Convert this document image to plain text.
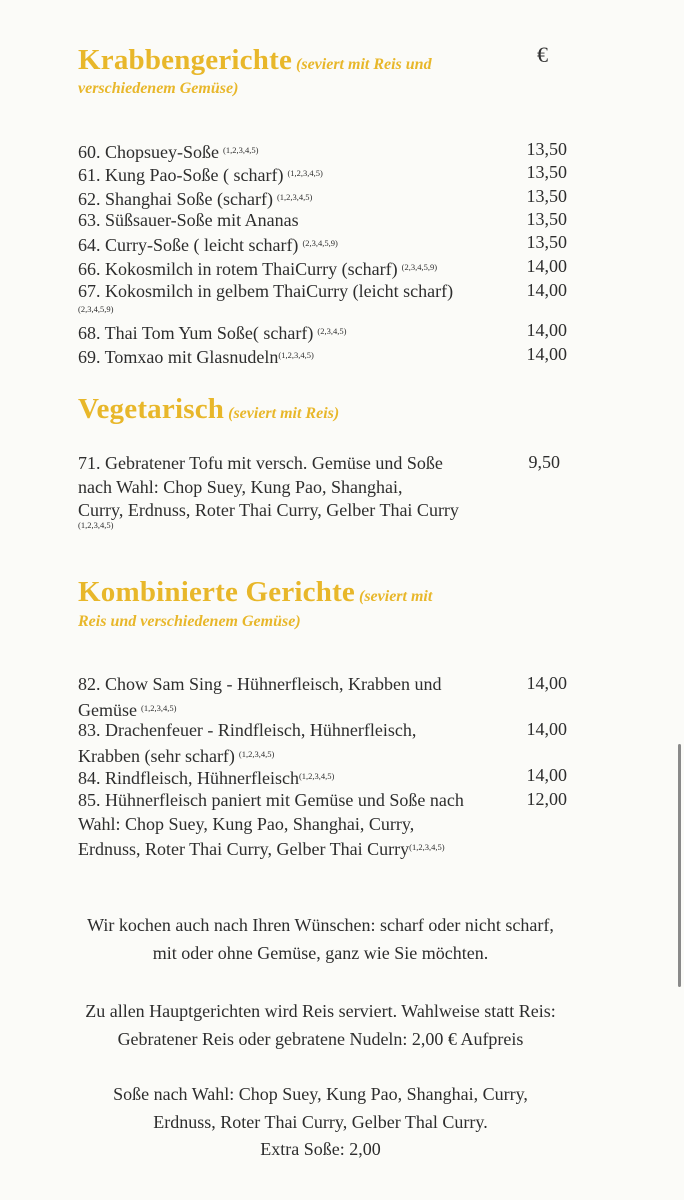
Krabbengerichte (seviert mit Reis und
verschiedenem Gemüse)
€
60. Chopsuey-Soße $^{(1,2,3,4,5)}$	13,50
61. Kung Pao-Soße ( scharf) $^{(1,2,3,4,5)}$	13,50
62. Shanghai Soße (scharf) $^{(1,2,3,4,5)}$	13,50
63. Süßsauer-Soße mit Ananas	13,50
64. Curry-Soße ( leicht scharf) $^{(2,3,4,5,9)}$	13,50
66. Kokosmilch in rotem ThaiCurry (scharf) $^{(2,3,4,5,9)}$	14,00
67. Kokosmilch in gelbem ThaiCurry (leicht scharf)	14,00
(2,3,4,5,9)
68. Thai Tom Yum Soße( scharf) $^{(2,3,4,5)}$	14,00
69. Tomxao mit Glasnudeln$^{(1,2,3,4,5)}$	14,00
Vegetarisch (seviert mit Reis)
71. Gebratener Tofu mit versch. Gemüse und Soße
nach Wahl: Chop Suey, Kung Pao, Shanghai,
Curry, Erdnuss, Roter Thai Curry, Gelber Thai Curry
9,50
(1,2,3,4,5)
Kombinierte Gerichte (seviert mit
Reis und verschiedenem Gemüse)
82. Chow Sam Sing - Hühnerfleisch, Krabben und
Gemüse $^{(1,2,3,4,5)}$
14,00
83. Drachenfeuer - Rindfleisch, Hühnerfleisch,
Krabben (sehr scharf) $^{(1,2,3,4,5)}$
14,00
84. Rindfleisch, Hühnerfleisch$^{(1,2,3,4,5)}$	14,00
85. Hühnerfleisch paniert mit Gemüse und Soße nach
Wahl: Chop Suey, Kung Pao, Shanghai, Curry,
Erdnuss, Roter Thai Curry, Gelber Thai Curry$^{(1,2,3,4,5)}$
12,00
Wir kochen auch nach Ihren Wünschen: scharf oder nicht scharf,
mit oder ohne Gemüse, ganz wie Sie möchten.
Zu allen Hauptgerichten wird Reis serviert. Wahlweise statt Reis:
Gebratener Reis oder gebratene Nudeln: 2,00 € Aufpreis
Soße nach Wahl: Chop Suey, Kung Pao, Shanghai, Curry,
Erdnuss, Roter Thai Curry, Gelber Thal Curry.
Extra Soße: 2,00
